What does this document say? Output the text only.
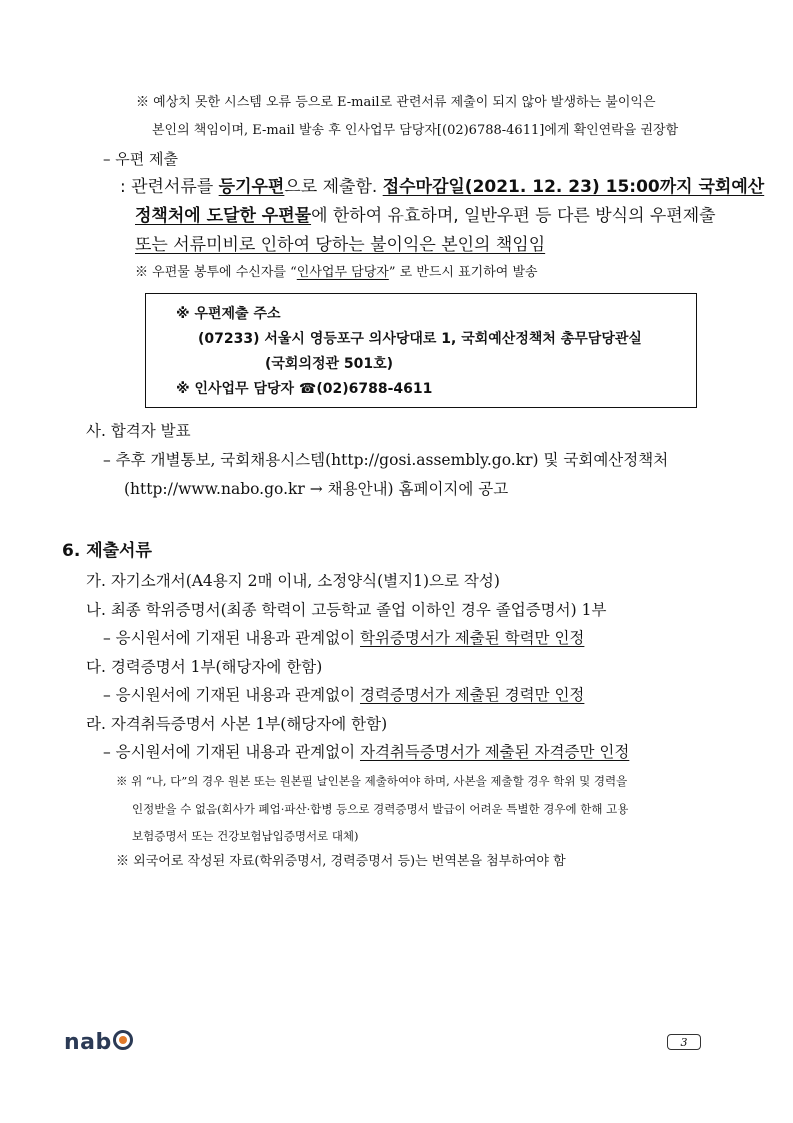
※ 예상치 못한 시스템 오류 등으로 E-mail로 관련서류 제출이 되지 않아 발생하는 불이익은
본인의 책임이며, E-mail 발송 후 인사업무 담당자[(02)6788-4611]에게 확인연락을 권장함
– 우편 제출
: 관련서류를 등기우편으로 제출함. 접수마감일(2021. 12. 23) 15:00까지 국회예산
정책처에 도달한 우편물에 한하여 유효하며, 일반우편 등 다른 방식의 우편제출
또는 서류미비로 인하여 당하는 불이익은 본인의 책임임
※ 우편물 봉투에 수신자를 “인사업무 담당자” 로 반드시 표기하여 발송
※ 우편제출 주소
(07233) 서울시 영등포구 의사당대로 1, 국회예산정책처 총무담당관실
(국회의정관 501호)
※ 인사업무 담당자 ☎(02)6788-4611
사. 합격자 발표
– 추후 개별통보, 국회채용시스템(http://gosi.assembly.go.kr) 및 국회예산정책처
(http://www.nabo.go.kr → 채용안내) 홈페이지에 공고
6. 제출서류
가. 자기소개서(A4용지 2매 이내, 소정양식(별지1)으로 작성)
나. 최종 학위증명서(최종 학력이 고등학교 졸업 이하인 경우 졸업증명서) 1부
– 응시원서에 기재된 내용과 관계없이 학위증명서가 제출된 학력만 인정
다. 경력증명서 1부(해당자에 한함)
– 응시원서에 기재된 내용과 관계없이 경력증명서가 제출된 경력만 인정
라. 자격취득증명서 사본 1부(해당자에 한함)
– 응시원서에 기재된 내용과 관계없이 자격취득증명서가 제출된 자격증만 인정
※ 위 “나, 다”의 경우 원본 또는 원본필 날인본을 제출하여야 하며, 사본을 제출할 경우 학위 및 경력을
인정받을 수 없음(회사가 폐업·파산·합병 등으로 경력증명서 발급이 어려운 특별한 경우에 한해 고용
보험증명서 또는 건강보험납입증명서로 대체)
※ 외국어로 작성된 자료(학위증명서, 경력증명서 등)는 번역본을 첨부하여야 함
nab	3
